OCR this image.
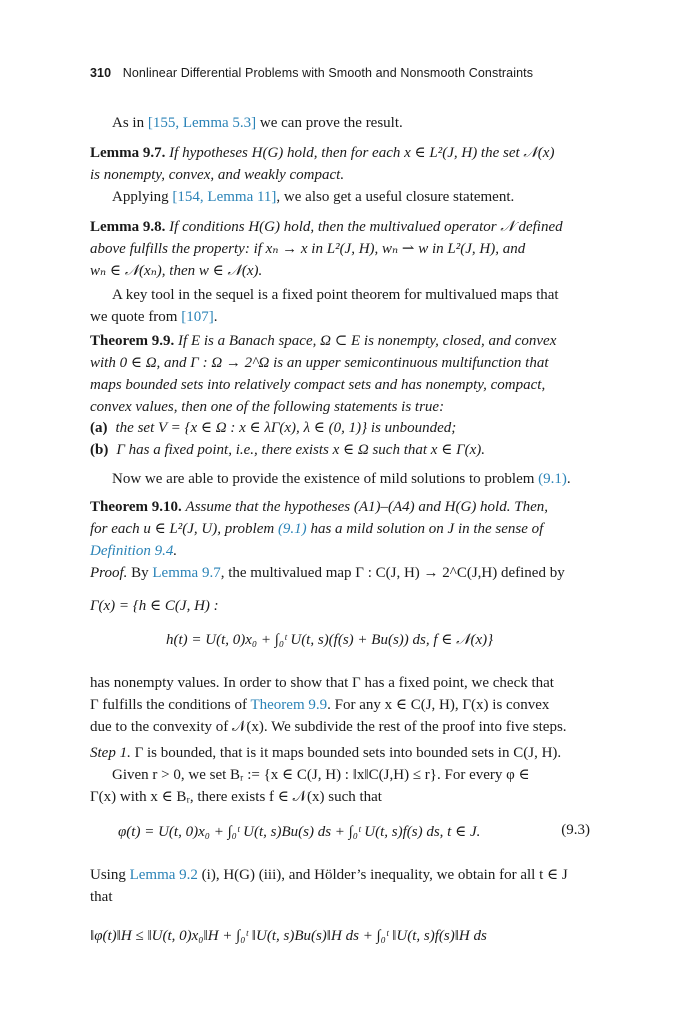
310 Nonlinear Differential Problems with Smooth and Nonsmooth Constraints
As in [155, Lemma 5.3] we can prove the result.
Lemma 9.7. If hypotheses H(G) hold, then for each x ∈ L²(J, H) the set 𝒩(x)
is nonempty, convex, and weakly compact.
Applying [154, Lemma 11], we also get a useful closure statement.
Lemma 9.8. If conditions H(G) hold, then the multivalued operator 𝒩 defined
above fulfills the property: if xₙ → x in L²(J, H), wₙ ⇀ w in L²(J, H), and
wₙ ∈ 𝒩(xₙ), then w ∈ 𝒩(x).
A key tool in the sequel is a fixed point theorem for multivalued maps that
we quote from [107].
Theorem 9.9. If E is a Banach space, Ω ⊂ E is nonempty, closed, and convex
with 0 ∈ Ω, and Γ : Ω → 2^Ω is an upper semicontinuous multifunction that
maps bounded sets into relatively compact sets and has nonempty, compact,
convex values, then one of the following statements is true:
(a) the set V = {x ∈ Ω : x ∈ λΓ(x), λ ∈ (0, 1)} is unbounded;
(b) Γ has a fixed point, i.e., there exists x ∈ Ω such that x ∈ Γ(x).
Now we are able to provide the existence of mild solutions to problem (9.1).
Theorem 9.10. Assume that the hypotheses (A1)–(A4) and H(G) hold. Then,
for each u ∈ L²(J, U), problem (9.1) has a mild solution on J in the sense of
Definition 9.4.
Proof. By Lemma 9.7, the multivalued map Γ : C(J, H) → 2^C(J,H) defined by
Γ(x) = {h ∈ C(J, H) :
h(t) = U(t, 0)x₀ + ∫₀ᵗ U(t, s)(f(s) + Bu(s)) ds, f ∈ 𝒩(x)}
has nonempty values. In order to show that Γ has a fixed point, we check that
Γ fulfills the conditions of Theorem 9.9. For any x ∈ C(J, H), Γ(x) is convex
due to the convexity of 𝒩(x). We subdivide the rest of the proof into five steps.
Step 1. Γ is bounded, that is it maps bounded sets into bounded sets in C(J, H).
Given r > 0, we set Bᵣ := {x ∈ C(J, H) : ‖x‖C(J,H) ≤ r}. For every φ ∈
Γ(x) with x ∈ Bᵣ, there exists f ∈ 𝒩(x) such that
φ(t) = U(t, 0)x₀ + ∫₀ᵗ U(t, s)Bu(s) ds + ∫₀ᵗ U(t, s)f(s) ds, t ∈ J.	(9.3)
Using Lemma 9.2 (i), H(G) (iii), and Hölder’s inequality, we obtain for all t ∈ J
that
‖φ(t)‖H ≤ ‖U(t, 0)x₀‖H + ∫₀ᵗ ‖U(t, s)Bu(s)‖H ds + ∫₀ᵗ ‖U(t, s)f(s)‖H ds
